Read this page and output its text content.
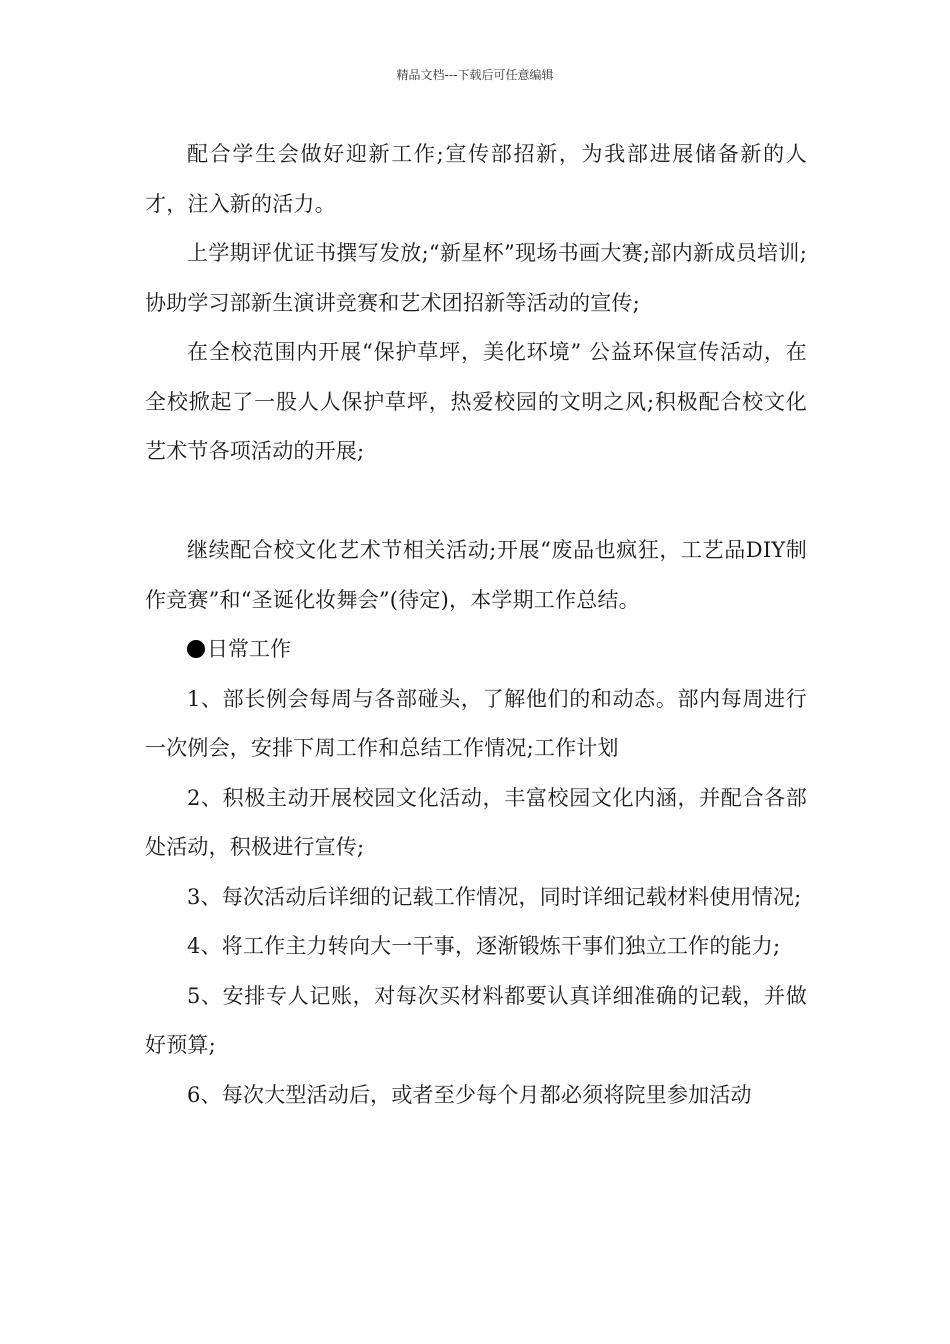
精品文档---下载后可任意编辑

配合学生会做好迎新工作;宣传部招新，为我部进展储备新的人才，注入新的活力。

上学期评优证书撰写发放;“新星杯”现场书画大赛;部内新成员培训;协助学习部新生演讲竞赛和艺术团招新等活动的宣传;

在全校范围内开展“保护草坪，美化环境” 公益环保宣传活动，在全校掀起了一股人人保护草坪，热爱校园的文明之风;积极配合校文化艺术节各项活动的开展;

继续配合校文化艺术节相关活动;开展“废品也疯狂，工艺品DIY制作竞赛”和“圣诞化妆舞会”(待定)，本学期工作总结。

日常工作

1、部长例会每周与各部碰头，了解他们的和动态。部内每周进行一次例会，安排下周工作和总结工作情况;工作计划

2、积极主动开展校园文化活动，丰富校园文化内涵，并配合各部处活动，积极进行宣传;

3、每次活动后详细的记载工作情况，同时详细记载材料使用情况;

4、将工作主力转向大一干事，逐渐锻炼干事们独立工作的能力;

5、安排专人记账，对每次买材料都要认真详细准确的记载，并做好预算;

6、每次大型活动后，或者至少每个月都必须将院里参加活动
